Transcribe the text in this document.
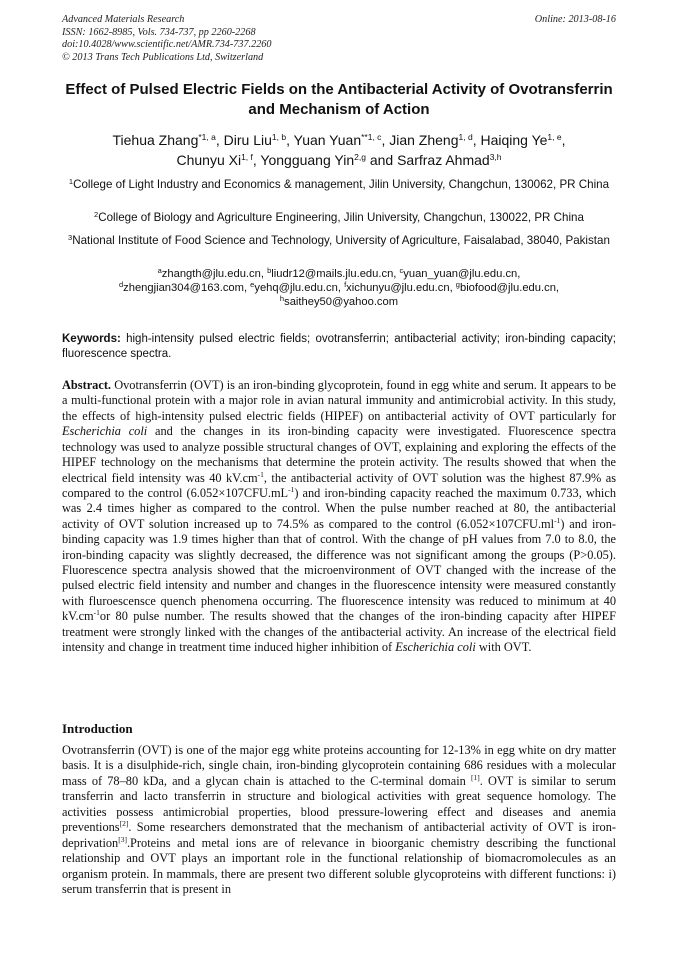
Advanced Materials Research
ISSN: 1662-8985, Vols. 734-737, pp 2260-2268
doi:10.4028/www.scientific.net/AMR.734-737.2260
© 2013 Trans Tech Publications Ltd, Switzerland
Online: 2013-08-16
Effect of Pulsed Electric Fields on the Antibacterial Activity of Ovotransferrin and Mechanism of Action
Tiehua Zhang$^{*1, a}$, Diru Liu$^{1, b}$, Yuan Yuan$^{**1, c}$, Jian Zheng$^{1, d}$, Haiqing Ye$^{1, e}$,
Chunyu Xi$^{1, f}$, Yongguang Yin$^{2,g}$ and Sarfraz Ahmad$^{3,h}$
$^1$College of Light Industry and Economics & management, Jilin University, Changchun, 130062, PR China
$^2$College of Biology and Agriculture Engineering, Jilin University, Changchun, 130022, PR China
$^3$National Institute of Food Science and Technology, University of Agriculture, Faisalabad, 38040, Pakistan
$^a$zhangth@jlu.edu.cn, $^b$liudr12@mails.jlu.edu.cn, $^c$yuan_yuan@jlu.edu.cn,
$^d$zhengjian304@163.com, $^e$yehq@jlu.edu.cn, $^f$xichunyu@jlu.edu.cn, $^g$biofood@jlu.edu.cn,
$^h$saithey50@yahoo.com
Keywords: high-intensity pulsed electric fields; ovotransferrin; antibacterial activity; iron-binding capacity; fluorescence spectra.
Abstract. Ovotransferrin (OVT) is an iron-binding glycoprotein, found in egg white and serum. It appears to be a multi-functional protein with a major role in avian natural immunity and antimicrobial activity. In this study, the effects of high-intensity pulsed electric fields (HIPEF) on antibacterial activity of OVT particularly for Escherichia coli and the changes in its iron-binding capacity were investigated. Fluorescence spectra technology was used to analyze possible structural changes of OVT, explaining and exploring the effects of the HIPEF technology on the mechanisms that determine the protein activity. The results showed that when the electrical field intensity was 40 $kV.cm^{-1}$, the antibacterial activity of OVT solution was the highest 87.9% as compared to the control $(6.052\times 107CFU.mL^{-1})$ and iron-binding capacity reached the maximum 0.733, which was 2.4 times higher as compared to the control. When the pulse number reached at 80, the antibacterial activity of OVT solution increased up to 74.5% as compared to the control $(6.052\times 107CFU.ml^{-1})$ and iron-binding capacity was 1.9 times higher than that of control. With the change of pH values from 7.0 to 8.0, the iron-binding capacity was slightly decreased, the difference was not significant among the groups (P>0.05). Fluorescence spectra analysis showed that the microenvironment of OVT changed with the increase of the pulsed electric field intensity and number and changes in the fluorescence intensity were measured constantly with fluroescensce quench phenomena occurring. The fluorescence intensity was reduced to minimum at 40 $kV.cm^{-1}or$ 80 pulse number. The results showed that the changes of the iron-binding capacity after HIPEF treatment were strongly linked with the changes of the antibacterial activity. An increase of the electrical field intensity and change in treatment time induced higher inhibition of Escherichia coli with OVT.
Introduction
Ovotransferrin (OVT) is one of the major egg white proteins accounting for 12-13% in egg white on dry matter basis. It is a disulphide-rich, single chain, iron-binding glycoprotein containing 686 residues with a molecular mass of 78–80 kDa, and a glycan chain is attached to the C-terminal domain [1]. OVT is similar to serum transferrin and lacto transferrin in structure and biological activities with great sequence homology. The activities possess antimicrobial properties, blood pressure-lowering effect and diseases and anemia preventions[2]. Some researchers demonstrated that the mechanism of antibacterial activity of OVT is iron-deprivation[3].Proteins and metal ions are of relevance in bioorganic chemistry describing the functional relationship and OVT plays an important role in the functional relationship of biomacromolecules as an organism protein. In mammals, there are present two different soluble glycoproteins with different functions: i) serum transferrin that is present in
